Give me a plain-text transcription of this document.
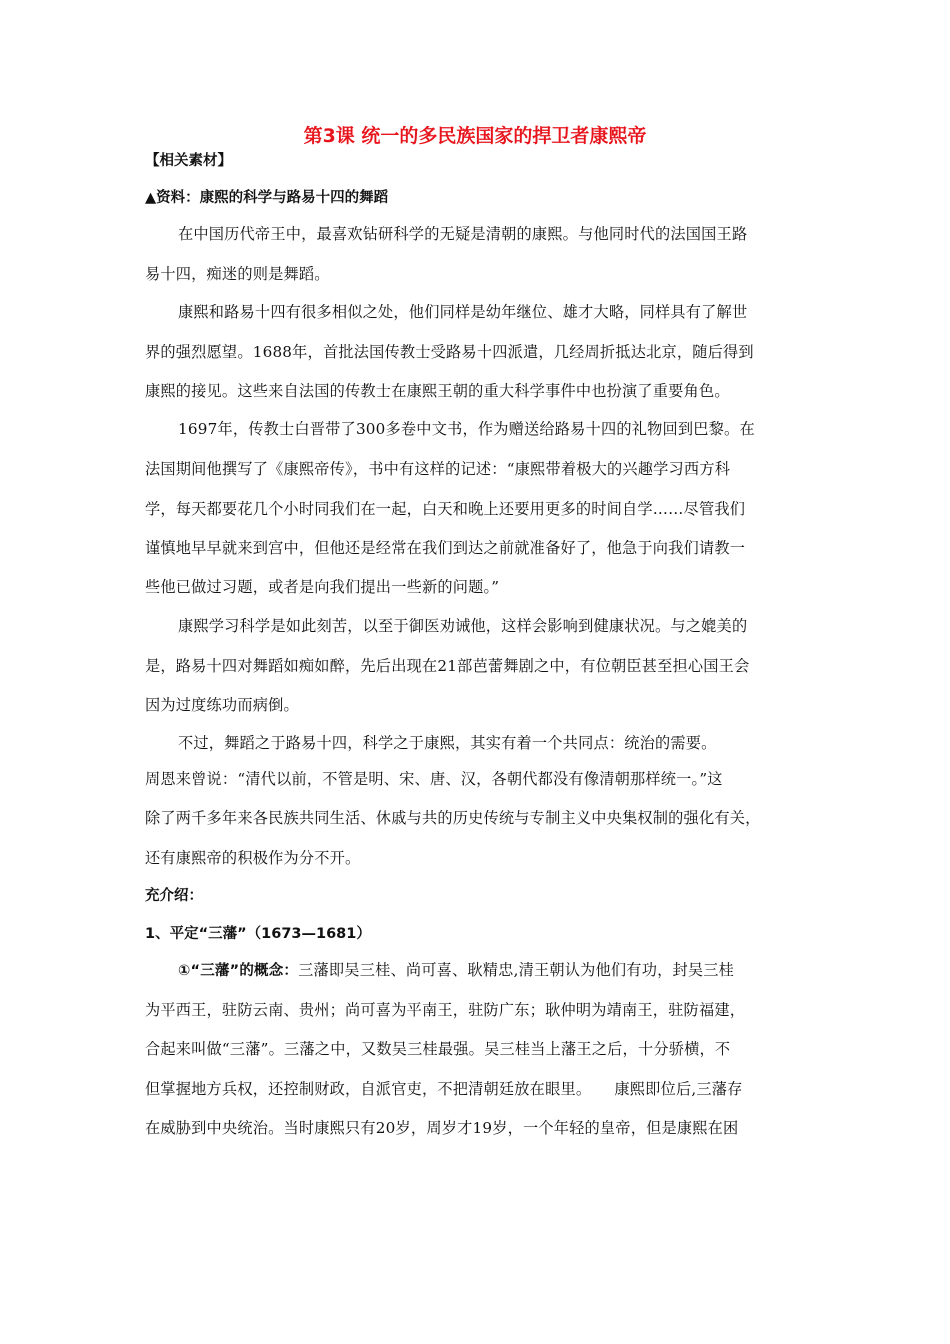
第3课 统一的多民族国家的捍卫者康熙帝
【相关素材】
▲资料：康熙的科学与路易十四的舞蹈
在中国历代帝王中，最喜欢钻研科学的无疑是清朝的康熙。与他同时代的法国国王路
易十四，痴迷的则是舞蹈。
康熙和路易十四有很多相似之处，他们同样是幼年继位、雄才大略，同样具有了解世
界的强烈愿望。1688年，首批法国传教士受路易十四派遣，几经周折抵达北京，随后得到
康熙的接见。这些来自法国的传教士在康熙王朝的重大科学事件中也扮演了重要角色。
1697年，传教士白晋带了300多卷中文书，作为赠送给路易十四的礼物回到巴黎。在
法国期间他撰写了《康熙帝传》，书中有这样的记述：“康熙带着极大的兴趣学习西方科
学，每天都要花几个小时同我们在一起，白天和晚上还要用更多的时间自学……尽管我们
谨慎地早早就来到宫中，但他还是经常在我们到达之前就准备好了，他急于向我们请教一
些他已做过习题，或者是向我们提出一些新的问题。”
康熙学习科学是如此刻苦，以至于御医劝诫他，这样会影响到健康状况。与之媲美的
是，路易十四对舞蹈如痴如醉，先后出现在21部芭蕾舞剧之中，有位朝臣甚至担心国王会
因为过度练功而病倒。
不过，舞蹈之于路易十四，科学之于康熙，其实有着一个共同点：统治的需要。
周恩来曾说：“清代以前，不管是明、宋、唐、汉，各朝代都没有像清朝那样统一。”这
除了两千多年来各民族共同生活、休戚与共的历史传统与专制主义中央集权制的强化有关，
还有康熙帝的积极作为分不开。
充介绍：
1、平定“三藩”（1673—1681）
①“三藩”的概念：三藩即吴三桂、尚可喜、耿精忠,清王朝认为他们有功，封吴三桂
为平西王，驻防云南、贵州；尚可喜为平南王，驻防广东；耿仲明为靖南王，驻防福建，
合起来叫做“三藩”。三藩之中，又数吴三桂最强。吴三桂当上藩王之后，十分骄横，不
但掌握地方兵权，还控制财政，自派官吏，不把清朝廷放在眼里。　　康熙即位后,三藩存
在威胁到中央统治。当时康熙只有20岁，周岁才19岁，一个年轻的皇帝，但是康熙在困
